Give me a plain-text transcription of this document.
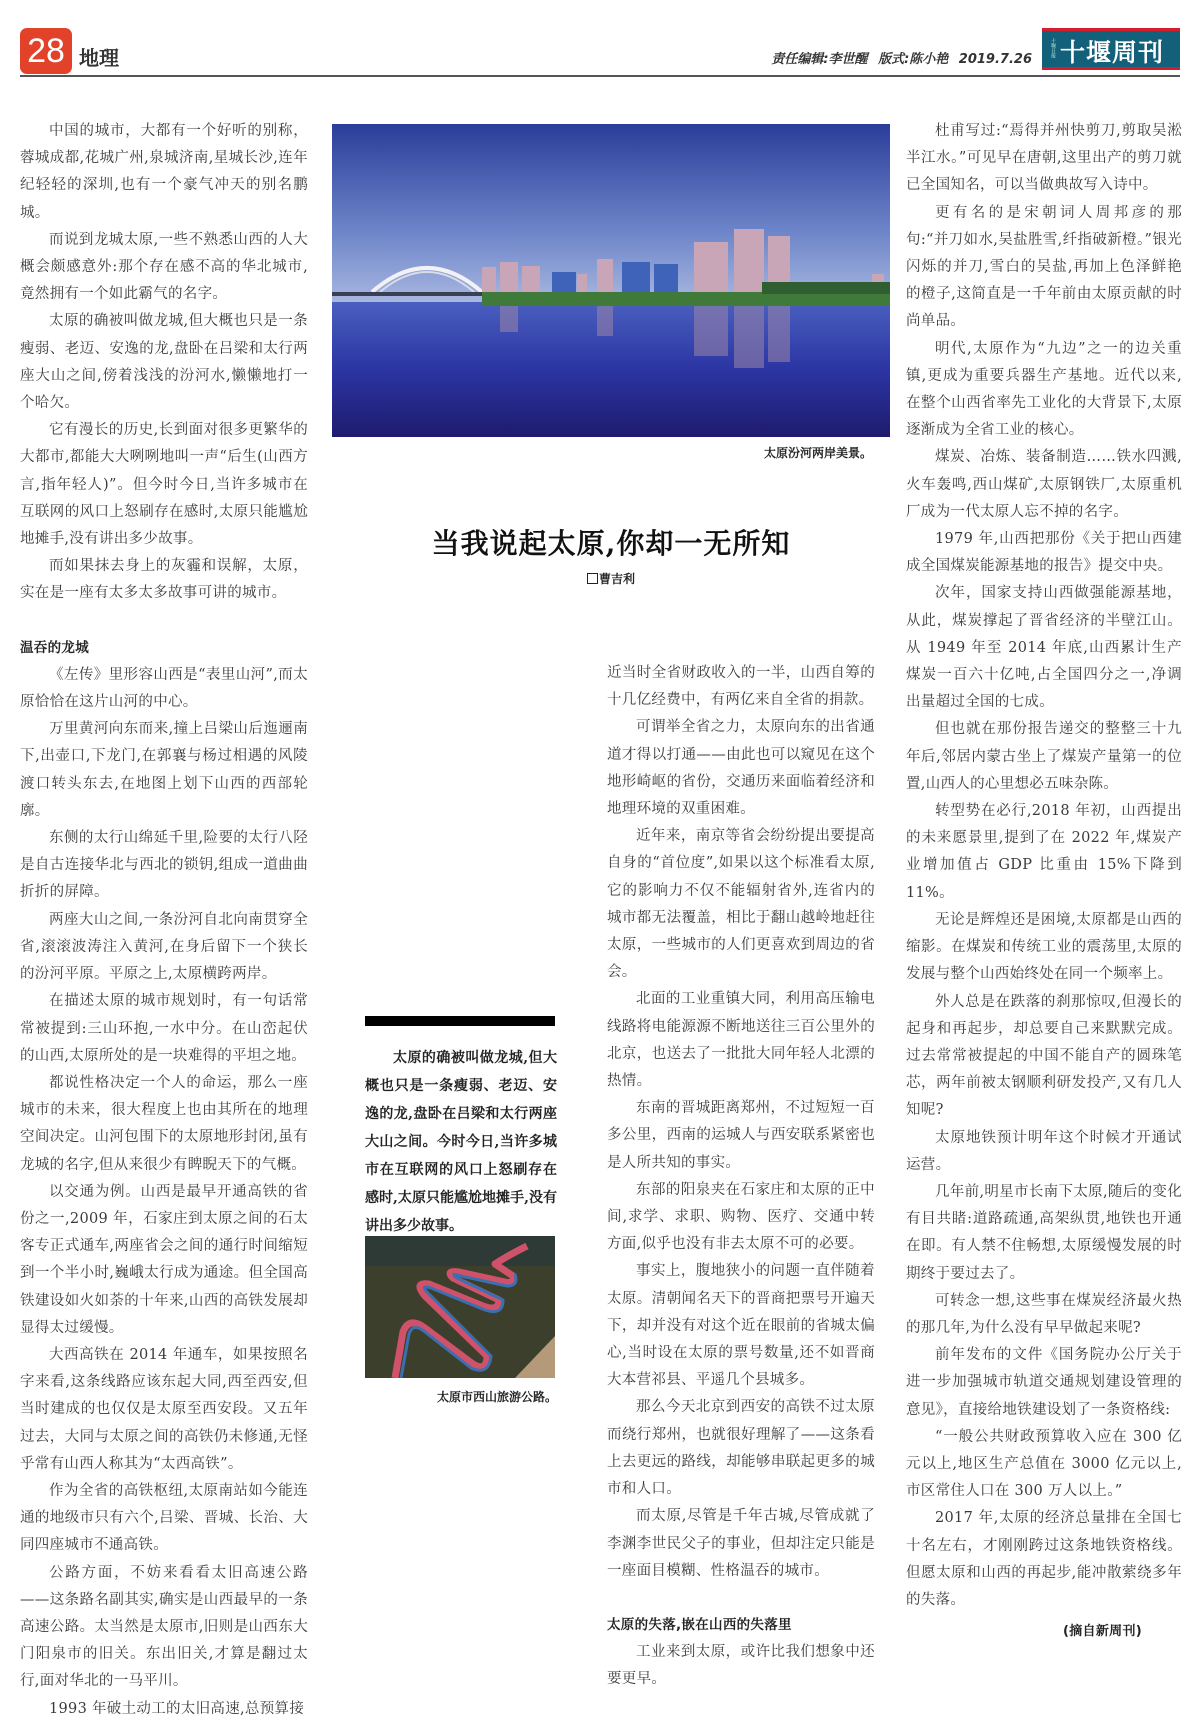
28 地理	责任编辑:李世醒 版式:陈小艳 2019.7.26
十堰日报 十堰周刊

中国的城市，大都有一个好听的别称，蓉城成都,花城广州,泉城济南,星城长沙,连年纪轻轻的深圳,也有一个豪气冲天的别名鹏城。

而说到龙城太原,一些不熟悉山西的人大概会颇感意外:那个存在感不高的华北城市,竟然拥有一个如此霸气的名字。

太原的确被叫做龙城,但大概也只是一条瘦弱、老迈、安逸的龙,盘卧在吕梁和太行两座大山之间,傍着浅浅的汾河水,懒懒地打一个哈欠。

它有漫长的历史,长到面对很多更繁华的大都市,都能大大咧咧地叫一声“后生(山西方言,指年轻人)”。但今时今日,当许多城市在互联网的风口上怒刷存在感时,太原只能尴尬地摊手,没有讲出多少故事。

而如果抹去身上的灰霾和误解，太原，实在是一座有太多太多故事可讲的城市。

温吞的龙城

《左传》里形容山西是“表里山河”,而太原恰恰在这片山河的中心。

万里黄河向东而来,撞上吕梁山后迤逦南下,出壶口,下龙门,在郭襄与杨过相遇的风陵渡口转头东去,在地图上划下山西的西部轮廓。

东侧的太行山绵延千里,险要的太行八陉是自古连接华北与西北的锁钥,组成一道曲曲折折的屏障。

两座大山之间,一条汾河自北向南贯穿全省,滚滚波涛注入黄河,在身后留下一个狭长的汾河平原。平原之上,太原横跨两岸。

在描述太原的城市规划时，有一句话常常被提到:三山环抱,一水中分。在山峦起伏的山西,太原所处的是一块难得的平坦之地。

都说性格决定一个人的命运，那么一座城市的未来，很大程度上也由其所在的地理空间决定。山河包围下的太原地形封闭,虽有龙城的名字,但从来很少有睥睨天下的气概。

以交通为例。山西是最早开通高铁的省份之一,2009 年，石家庄到太原之间的石太客专正式通车,两座省会之间的通行时间缩短到一个半小时,巍峨太行成为通途。但全国高铁建设如火如荼的十年来,山西的高铁发展却显得太过缓慢。

大西高铁在 2014 年通车，如果按照名字来看,这条线路应该东起大同,西至西安,但当时建成的也仅仅是太原至西安段。又五年过去，大同与太原之间的高铁仍未修通,无怪乎常有山西人称其为“太西高铁”。

作为全省的高铁枢纽,太原南站如今能连通的地级市只有六个,吕梁、晋城、长治、大同四座城市不通高铁。

公路方面，不妨来看看太旧高速公路——这条路名副其实,确实是山西最早的一条高速公路。太当然是太原市,旧则是山西东大门阳泉市的旧关。东出旧关,才算是翻过太行,面对华北的一马平川。

1993 年破土动工的太旧高速,总预算接

太原汾河两岸美景。
当我说起太原,你却一无所知
曹吉利
太原的确被叫做龙城,但大概也只是一条瘦弱、老迈、安逸的龙,盘卧在吕梁和太行两座大山之间。今时今日,当许多城市在互联网的风口上怒刷存在感时,太原只能尴尬地摊手,没有讲出多少故事。
太原市西山旅游公路。

近当时全省财政收入的一半，山西自筹的十几亿经费中，有两亿来自全省的捐款。

可谓举全省之力，太原向东的出省通道才得以打通——由此也可以窥见在这个地形崎岖的省份，交通历来面临着经济和地理环境的双重困难。

近年来，南京等省会纷纷提出要提高自身的“首位度”,如果以这个标准看太原,它的影响力不仅不能辐射省外,连省内的城市都无法覆盖，相比于翻山越岭地赶往太原，一些城市的人们更喜欢到周边的省会。

北面的工业重镇大同，利用高压输电线路将电能源源不断地送往三百公里外的北京，也送去了一批批大同年轻人北漂的热情。

东南的晋城距离郑州，不过短短一百多公里，西南的运城人与西安联系紧密也是人所共知的事实。

东部的阳泉夹在石家庄和太原的正中间,求学、求职、购物、医疗、交通中转方面,似乎也没有非去太原不可的必要。

事实上，腹地狭小的问题一直伴随着太原。清朝闻名天下的晋商把票号开遍天下，却并没有对这个近在眼前的省城太偏心,当时设在太原的票号数量,还不如晋商大本营祁县、平遥几个县城多。

那么今天北京到西安的高铁不过太原而绕行郑州，也就很好理解了——这条看上去更远的路线，却能够串联起更多的城市和人口。

而太原,尽管是千年古城,尽管成就了李渊李世民父子的事业，但却注定只能是一座面目模糊、性格温吞的城市。

太原的失落,嵌在山西的失落里

工业来到太原，或许比我们想象中还要更早。

杜甫写过:“焉得并州快剪刀,剪取吴淞半江水。”可见早在唐朝,这里出产的剪刀就已全国知名，可以当做典故写入诗中。

更有名的是宋朝词人周邦彦的那句:“并刀如水,吴盐胜雪,纤指破新橙。”银光闪烁的并刀,雪白的吴盐,再加上色泽鲜艳的橙子,这简直是一千年前由太原贡献的时尚单品。

明代,太原作为“九边”之一的边关重镇,更成为重要兵器生产基地。近代以来,在整个山西省率先工业化的大背景下,太原逐渐成为全省工业的核心。

煤炭、冶炼、装备制造……铁水四溅,火车轰鸣,西山煤矿,太原钢铁厂,太原重机厂成为一代太原人忘不掉的名字。

1979 年,山西把那份《关于把山西建成全国煤炭能源基地的报告》提交中央。

次年，国家支持山西做强能源基地，从此，煤炭撑起了晋省经济的半壁江山。从 1949 年至 2014 年底,山西累计生产煤炭一百六十亿吨,占全国四分之一,净调出量超过全国的七成。

但也就在那份报告递交的整整三十九年后,邻居内蒙古坐上了煤炭产量第一的位置,山西人的心里想必五味杂陈。

转型势在必行,2018 年初，山西提出的未来愿景里,提到了在 2022 年,煤炭产业增加值占 GDP 比重由 15%下降到 11%。

无论是辉煌还是困境,太原都是山西的缩影。在煤炭和传统工业的震荡里,太原的发展与整个山西始终处在同一个频率上。

外人总是在跌落的刹那惊叹,但漫长的起身和再起步，却总要自己来默默完成。过去常常被提起的中国不能自产的圆珠笔芯，两年前被太钢顺利研发投产,又有几人知呢?

太原地铁预计明年这个时候才开通试运营。

几年前,明星市长南下太原,随后的变化有目共睹:道路疏通,高架纵贯,地铁也开通在即。有人禁不住畅想,太原缓慢发展的时期终于要过去了。

可转念一想,这些事在煤炭经济最火热的那几年,为什么没有早早做起来呢?

前年发布的文件《国务院办公厅关于进一步加强城市轨道交通规划建设管理的意见》，直接给地铁建设划了一条资格线:

“一般公共财政预算收入应在 300 亿元以上,地区生产总值在 3000 亿元以上,市区常住人口在 300 万人以上。”

2017 年,太原的经济总量排在全国七十名左右，才刚刚跨过这条地铁资格线。但愿太原和山西的再起步,能冲散萦绕多年的失落。

(摘自新周刊)
